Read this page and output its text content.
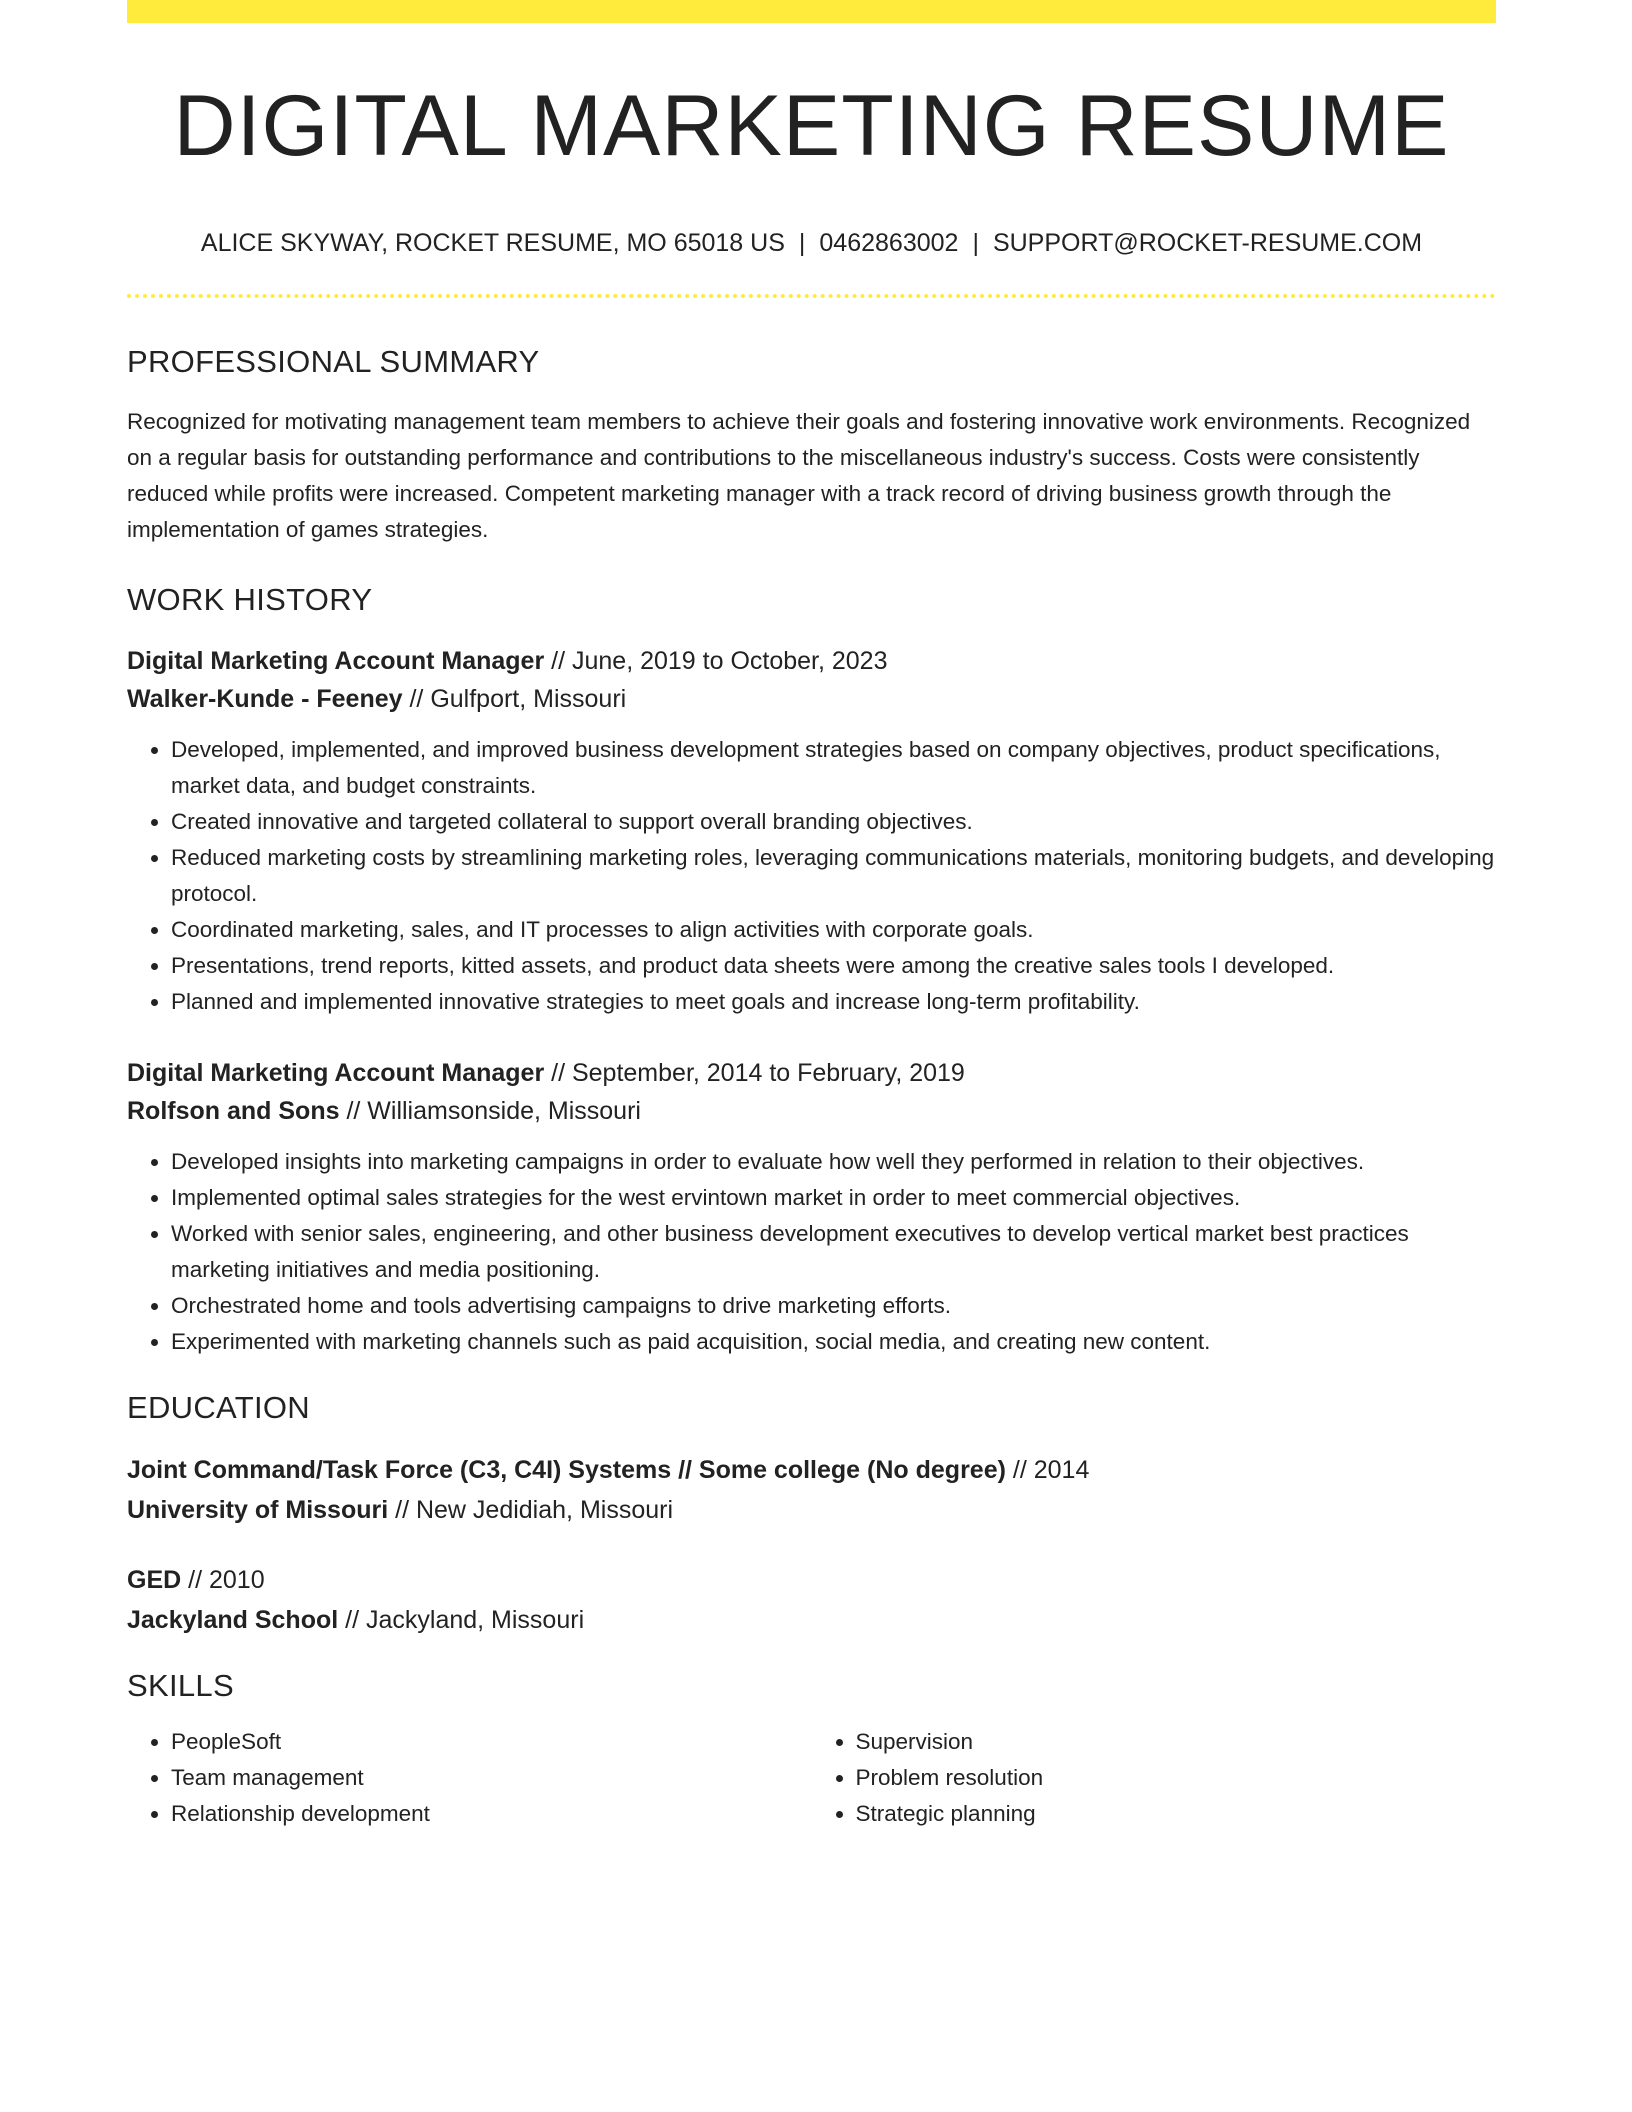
DIGITAL MARKETING RESUME
ALICE SKYWAY, ROCKET RESUME, MO 65018 US | 0462863002 | SUPPORT@ROCKET-RESUME.COM
PROFESSIONAL SUMMARY
Recognized for motivating management team members to achieve their goals and fostering innovative work environments. Recognized on a regular basis for outstanding performance and contributions to the miscellaneous industry's success. Costs were consistently reduced while profits were increased. Competent marketing manager with a track record of driving business growth through the implementation of games strategies.
WORK HISTORY
Digital Marketing Account Manager // June, 2019 to October, 2023
Walker-Kunde - Feeney // Gulfport, Missouri
• Developed, implemented, and improved business development strategies based on company objectives, product specifications, market data, and budget constraints.
• Created innovative and targeted collateral to support overall branding objectives.
• Reduced marketing costs by streamlining marketing roles, leveraging communications materials, monitoring budgets, and developing protocol.
• Coordinated marketing, sales, and IT processes to align activities with corporate goals.
• Presentations, trend reports, kitted assets, and product data sheets were among the creative sales tools I developed.
• Planned and implemented innovative strategies to meet goals and increase long-term profitability.
Digital Marketing Account Manager // September, 2014 to February, 2019
Rolfson and Sons // Williamsonside, Missouri
• Developed insights into marketing campaigns in order to evaluate how well they performed in relation to their objectives.
• Implemented optimal sales strategies for the west ervintown market in order to meet commercial objectives.
• Worked with senior sales, engineering, and other business development executives to develop vertical market best practices marketing initiatives and media positioning.
• Orchestrated home and tools advertising campaigns to drive marketing efforts.
• Experimented with marketing channels such as paid acquisition, social media, and creating new content.
EDUCATION
Joint Command/Task Force (C3, C4I) Systems // Some college (No degree) // 2014
University of Missouri // New Jedidiah, Missouri
GED // 2010
Jackyland School // Jackyland, Missouri
SKILLS
• PeopleSoft
• Team management
• Relationship development
• Supervision
• Problem resolution
• Strategic planning
